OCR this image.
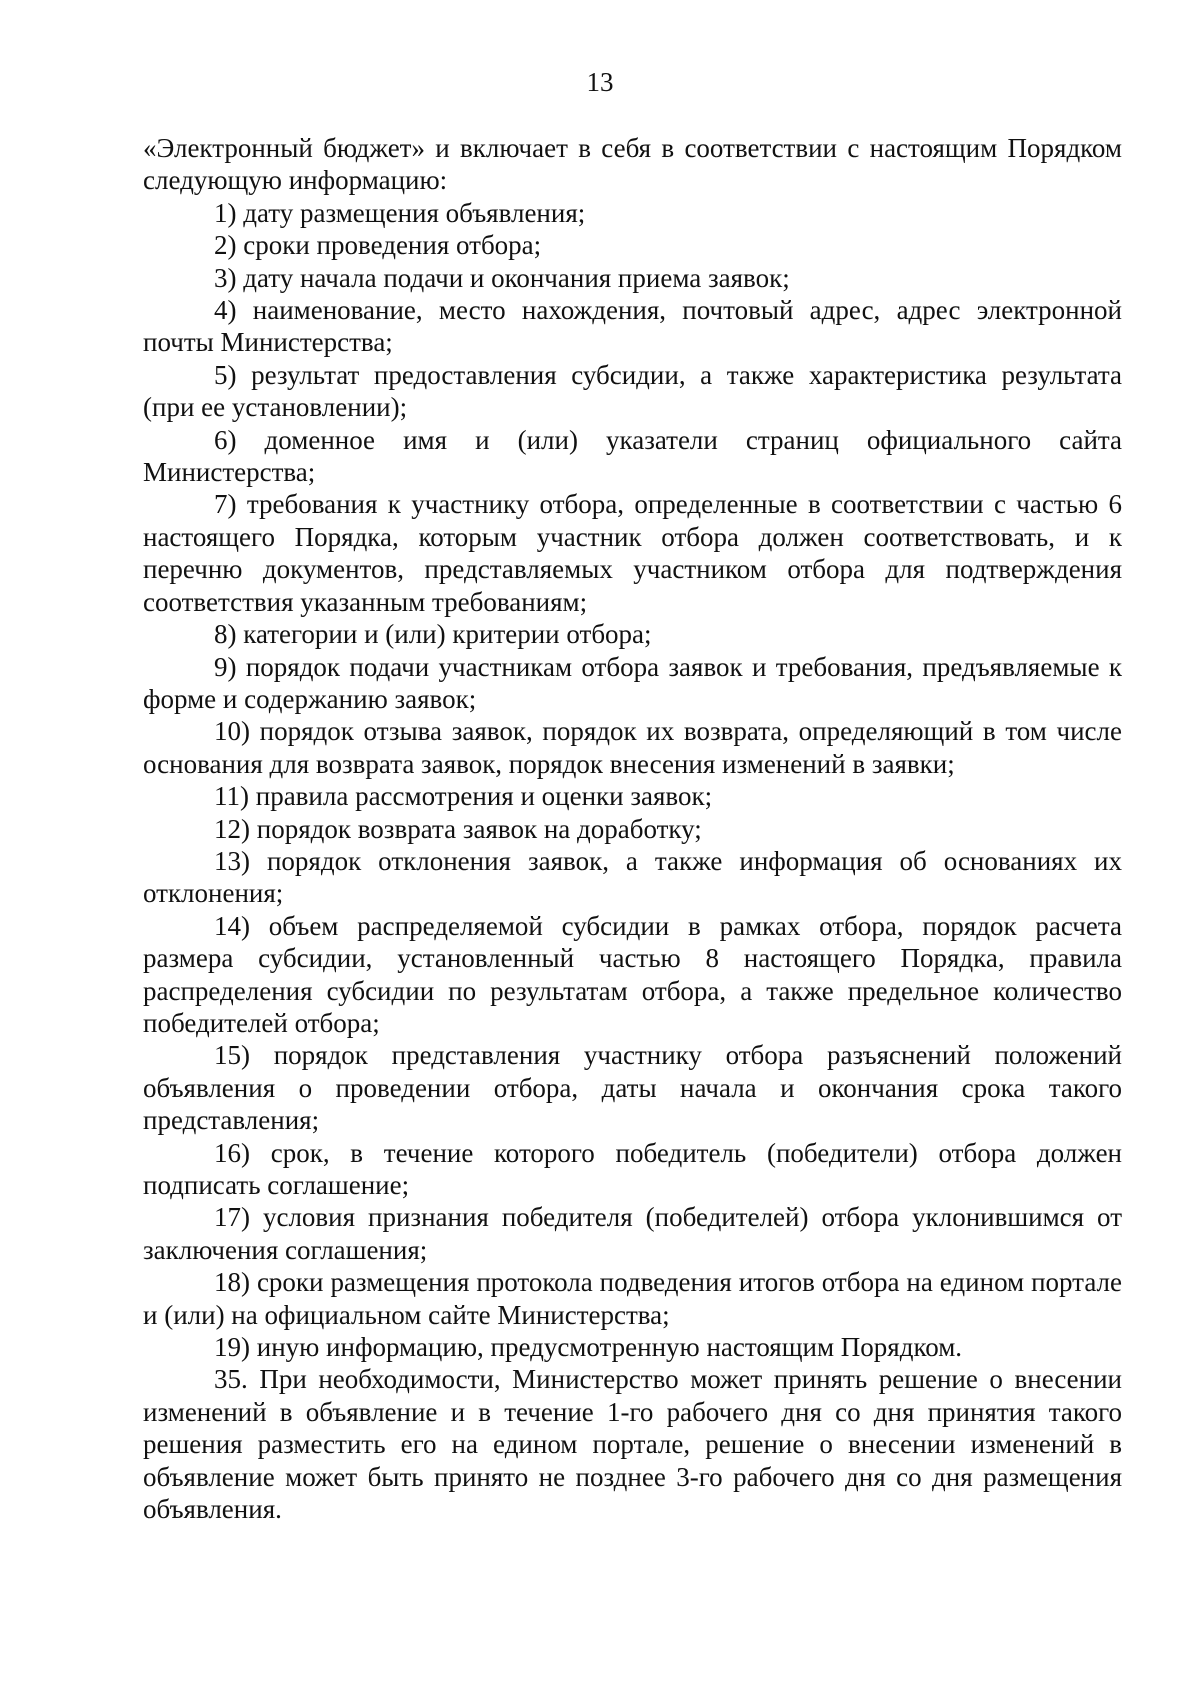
13

«Электронный бюджет» и включает в себя в соответствии с настоящим Порядком следующую информацию:

1) дату размещения объявления;

2) сроки проведения отбора;

3) дату начала подачи и окончания приема заявок;

4) наименование, место нахождения, почтовый адрес, адрес электронной почты Министерства;

5) результат предоставления субсидии, а также характеристика результата (при ее установлении);

6) доменное имя и (или) указатели страниц официального сайта Министерства;

7) требования к участнику отбора, определенные в соответствии с частью 6 настоящего Порядка, которым участник отбора должен соответствовать, и к перечню документов, представляемых участником отбора для подтверждения соответствия указанным требованиям;

8) категории и (или) критерии отбора;

9) порядок подачи участникам отбора заявок и требования, предъявляемые к форме и содержанию заявок;

10) порядок отзыва заявок, порядок их возврата, определяющий в том числе основания для возврата заявок, порядок внесения изменений в заявки;

11) правила рассмотрения и оценки заявок;

12) порядок возврата заявок на доработку;

13) порядок отклонения заявок, а также информация об основаниях их отклонения;

14) объем распределяемой субсидии в рамках отбора, порядок расчета размера субсидии, установленный частью 8 настоящего Порядка, правила распределения субсидии по результатам отбора, а также предельное количество победителей отбора;

15) порядок представления участнику отбора разъяснений положений объявления о проведении отбора, даты начала и окончания срока такого представления;

16) срок, в течение которого победитель (победители) отбора должен подписать соглашение;

17) условия признания победителя (победителей) отбора уклонившимся от заключения соглашения;

18) сроки размещения протокола подведения итогов отбора на едином портале и (или) на официальном сайте Министерства;

19) иную информацию, предусмотренную настоящим Порядком.

35. При необходимости, Министерство может принять решение о внесении изменений в объявление и в течение 1-го рабочего дня со дня принятия такого решения разместить его на едином портале, решение о внесении изменений в объявление может быть принято не позднее 3-го рабочего дня со дня размещения объявления.
